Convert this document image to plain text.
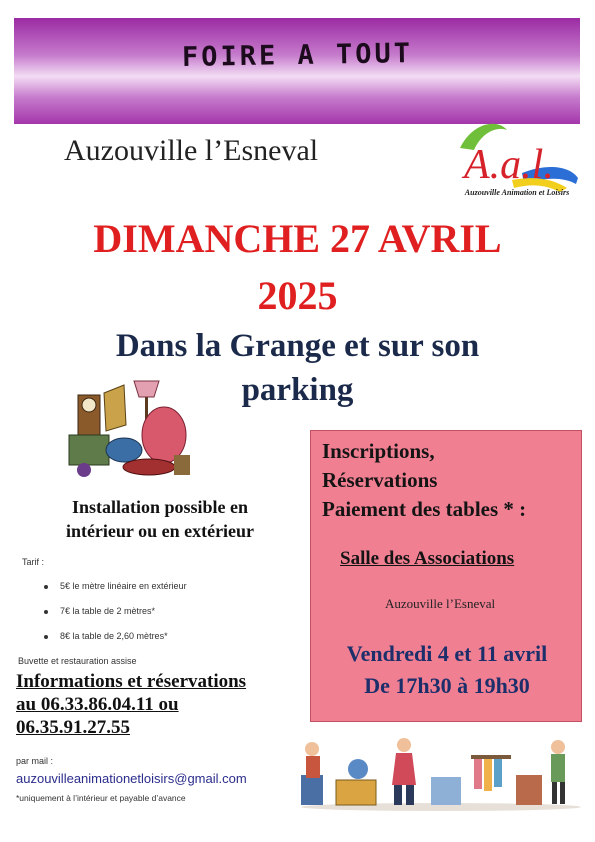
FOIRE A TOUT
Auzouville l’Esneval	A.a.l.
Auzouville Animation et Loisirs
DIMANCHE 27 AVRIL
2025
Dans la Grange et sur son
parking
Installation possible en
intérieur ou en extérieur
Tarif :
5€ le mètre linéaire en extérieur
7€ la table de 2 mètres*
8€ la table de 2,60 mètres*
Buvette et restauration assise
Informations et réservations
au 06.33.86.04.11 ou
06.35.91.27.55
par mail :
auzouvilleanimationetloisirs@gmail.com
*uniquement à l’intérieur et payable d’avance
Inscriptions,
Réservations
Paiement des tables * :
Salle des Associations
Auzouville l’Esneval
Vendredi 4 et 11 avril
De 17h30 à 19h30
